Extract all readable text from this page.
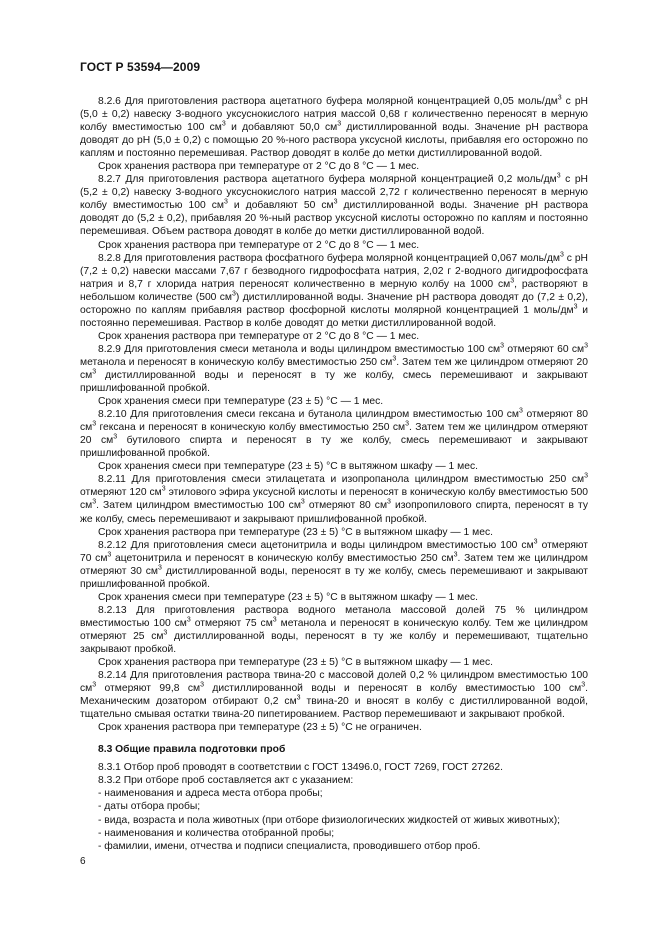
ГОСТ Р 53594—2009

8.2.6 Для приготовления раствора ацетатного буфера молярной концентрацией 0,05 моль/$дм^3$ с pH (5,0 ± 0,2) навеску 3-водного уксуснокислого натрия массой 0,68 г количественно переносят в мерную колбу вместимостью 100 $см^3$ и добавляют 50,0 $см^3$ дистиллированной воды. Значение pH раствора доводят до pH (5,0 ± 0,2) с помощью 20 %-ного раствора уксусной кислоты, прибавляя его осторожно по каплям и постоянно перемешивая. Раствор доводят в колбе до метки дистиллированной водой.

Срок хранения раствора при температуре от 2 °С до 8 °С — 1 мес.

8.2.7 Для приготовления раствора ацетатного буфера молярной концентрацией 0,2 моль/$дм^3$ с pH (5,2 ± 0,2) навеску 3-водного уксуснокислого натрия массой 2,72 г количественно переносят в мерную колбу вместимостью 100 $см^3$ и добавляют 50 $см^3$ дистиллированной воды. Значение pH раствора доводят до (5,2 ± 0,2), прибавляя 20 %-ный раствор уксусной кислоты осторожно по каплям и постоянно перемешивая. Объем раствора доводят в колбе до метки дистиллированной водой.

Срок хранения раствора при температуре от 2 °С до 8 °С — 1 мес.

8.2.8 Для приготовления раствора фосфатного буфера молярной концентрацией 0,067 моль/$дм^3$ с pH (7,2 ± 0,2) навески массами 7,67 г безводного гидрофосфата натрия, 2,02 г 2-водного дигидрофосфата натрия и 8,7 г хлорида натрия переносят количественно в мерную колбу на 1000 $см^3$, растворяют в небольшом количестве (500 $см^3$) дистиллированной воды. Значение pH раствора доводят до (7,2 ± 0,2), осторожно по каплям прибавляя раствор фосфорной кислоты молярной концентрацией 1 моль/$дм^3$ и постоянно перемешивая. Раствор в колбе доводят до метки дистиллированной водой.

Срок хранения раствора при температуре от 2 °С до 8 °С — 1 мес.

8.2.9 Для приготовления смеси метанола и воды цилиндром вместимостью 100 $см^3$ отмеряют 60 $см^3$ метанола и переносят в коническую колбу вместимостью 250 $см^3$. Затем тем же цилиндром отмеряют 20 $см^3$ дистиллированной воды и переносят в ту же колбу, смесь перемешивают и закрывают пришлифованной пробкой.

Срок хранения смеси при температуре (23 ± 5) °С — 1 мес.

8.2.10 Для приготовления смеси гексана и бутанола цилиндром вместимостью 100 $см^3$ отмеряют 80 $см^3$ гексана и переносят в коническую колбу вместимостью 250 $см^3$. Затем тем же цилиндром отмеряют 20 $см^3$ бутилового спирта и переносят в ту же колбу, смесь перемешивают и закрывают пришлифованной пробкой.

Срок хранения смеси при температуре (23 ± 5) °С в вытяжном шкафу — 1 мес.

8.2.11 Для приготовления смеси этилацетата и изопропанола цилиндром вместимостью 250 $см^3$ отмеряют 120 $см^3$ этилового эфира уксусной кислоты и переносят в коническую колбу вместимостью 500 $см^3$. Затем цилиндром вместимостью 100 $см^3$ отмеряют 80 $см^3$ изопропилового спирта, переносят в ту же колбу, смесь перемешивают и закрывают пришлифованной пробкой.

Срок хранения раствора при температуре (23 ± 5) °С в вытяжном шкафу — 1 мес.

8.2.12 Для приготовления смеси ацетонитрила и воды цилиндром вместимостью 100 $см^3$ отмеряют 70 $см^3$ ацетонитрила и переносят в коническую колбу вместимостью 250 $см^3$. Затем тем же цилиндром отмеряют 30 $см^3$ дистиллированной воды, переносят в ту же колбу, смесь перемешивают и закрывают пришлифованной пробкой.

Срок хранения смеси при температуре (23 ± 5) °С в вытяжном шкафу — 1 мес.

8.2.13 Для приготовления раствора водного метанола массовой долей 75 % цилиндром вместимостью 100 $см^3$ отмеряют 75 $см^3$ метанола и переносят в коническую колбу. Тем же цилиндром отмеряют 25 $см^3$ дистиллированной воды, переносят в ту же колбу и перемешивают, тщательно закрывают пробкой.

Срок хранения раствора при температуре (23 ± 5) °С в вытяжном шкафу — 1 мес.

8.2.14 Для приготовления раствора твина-20 с массовой долей 0,2 % цилиндром вместимостью 100 $см^3$ отмеряют 99,8 $см^3$ дистиллированной воды и переносят в колбу вместимостью 100 $см^3$. Механическим дозатором отбирают 0,2 $см^3$ твина-20 и вносят в колбу с дистиллированной водой, тщательно смывая остатки твина-20 пипетированием. Раствор перемешивают и закрывают пробкой.

Срок хранения раствора при температуре (23 ± 5) °С не ограничен.

8.3 Общие правила подготовки проб

8.3.1 Отбор проб проводят в соответствии с ГОСТ 13496.0, ГОСТ 7269, ГОСТ 27262.

8.3.2 При отборе проб составляется акт с указанием:

- наименования и адреса места отбора пробы;

- даты отбора пробы;

- вида, возраста и пола животных (при отборе физиологических жидкостей от живых животных);

- наименования и количества отобранной пробы;

- фамилии, имени, отчества и подписи специалиста, проводившего отбор проб.

6
